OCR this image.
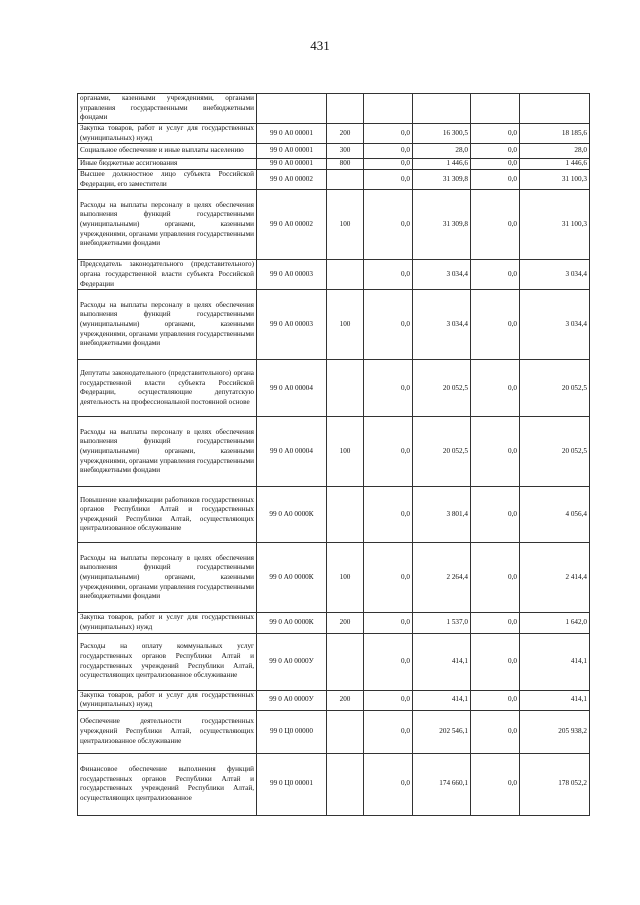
431
органами, казенными учреждениями, органами управления государственными внебюджетными фондами						
Закупка товаров, работ и услуг для государственных (муниципальных) нужд	99 0 А0 00001	200	0,0	16 300,5	0,0	18 185,6
Социальное обеспечение и иные выплаты населению	99 0 А0 00001	300	0,0	28,0	0,0	28,0
Иные бюджетные ассигнования	99 0 А0 00001	800	0,0	1 446,6	0,0	1 446,6
Высшее должностное лицо субъекта Российской Федерации, его заместители	99 0 А0 00002		0,0	31 309,8	0,0	31 100,3
Расходы на выплаты персоналу в целях обеспечения выполнения функций государственными (муниципальными) органами, казенными учреждениями, органами управления государственными внебюджетными фондами	99 0 А0 00002	100	0,0	31 309,8	0,0	31 100,3
Председатель законодательного (представительного) органа государственной власти субъекта Российской Федерации	99 0 А0 00003		0,0	3 034,4	0,0	3 034,4
Расходы на выплаты персоналу в целях обеспечения выполнения функций государственными (муниципальными) органами, казенными учреждениями, органами управления государственными внебюджетными фондами	99 0 А0 00003	100	0,0	3 034,4	0,0	3 034,4
Депутаты законодательного (представительного) органа государственной власти субъекта Российской Федерации, осуществляющие депутатскую деятельность на профессиональной постоянной основе	99 0 А0 00004		0,0	20 052,5	0,0	20 052,5
Расходы на выплаты персоналу в целях обеспечения выполнения функций государственными (муниципальными) органами, казенными учреждениями, органами управления государственными внебюджетными фондами	99 0 А0 00004	100	0,0	20 052,5	0,0	20 052,5
Повышение квалификации работников государственных органов Республики Алтай и государственных учреждений Республики Алтай, осуществляющих централизованное обслуживание	99 0 А0 0000К		0,0	3 801,4	0,0	4 056,4
Расходы на выплаты персоналу в целях обеспечения выполнения функций государственными (муниципальными) органами, казенными учреждениями, органами управления государственными внебюджетными фондами	99 0 А0 0000К	100	0,0	2 264,4	0,0	2 414,4
Закупка товаров, работ и услуг для государственных (муниципальных) нужд	99 0 А0 0000К	200	0,0	1 537,0	0,0	1 642,0
Расходы на оплату коммунальных услуг государственных органов Республики Алтай и государственных учреждений Республики Алтай, осуществляющих централизованное обслуживание	99 0 А0 0000У		0,0	414,1	0,0	414,1
Закупка товаров, работ и услуг для государственных (муниципальных) нужд	99 0 А0 0000У	200	0,0	414,1	0,0	414,1
Обеспечение деятельности государственных учреждений Республики Алтай, осуществляющих централизованное обслуживание	99 0 Ц0 00000		0,0	202 546,1	0,0	205 938,2
Финансовое обеспечение выполнения функций государственных органов Республики Алтай и государственных учреждений Республики Алтай, осуществляющих централизованное	99 0 Ц0 00001		0,0	174 660,1	0,0	178 052,2
